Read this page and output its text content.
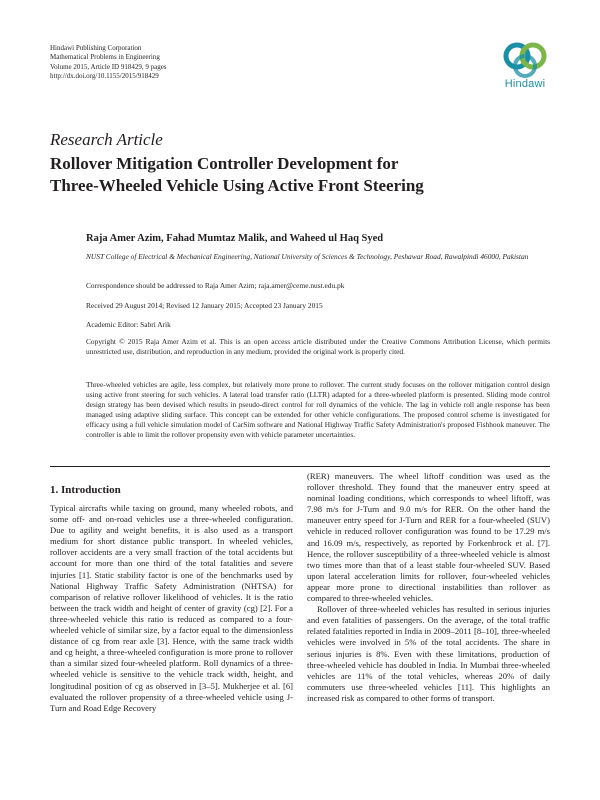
Hindawi Publishing Corporation
Mathematical Problems in Engineering
Volume 2015, Article ID 918429, 9 pages
http://dx.doi.org/10.1155/2015/918429
Hindawi
Research Article
Rollover Mitigation Controller Development for
Three-Wheeled Vehicle Using Active Front Steering
Raja Amer Azim, Fahad Mumtaz Malik, and Waheed ul Haq Syed
NUST College of Electrical & Mechanical Engineering, National University of Sciences & Technology, Peshawar Road, Rawalpindi 46000, Pakistan
Correspondence should be addressed to Raja Amer Azim; raja.amer@ceme.nust.edu.pk
Received 29 August 2014; Revised 12 January 2015; Accepted 23 January 2015
Academic Editor: Sabri Arik
Copyright © 2015 Raja Amer Azim et al. This is an open access article distributed under the Creative Commons Attribution License, which permits unrestricted use, distribution, and reproduction in any medium, provided the original work is properly cited.
Three-wheeled vehicles are agile, less complex, but relatively more prone to rollover. The current study focuses on the rollover mitigation control design using active front steering for such vehicles. A lateral load transfer ratio (LLTR) adapted for a three-wheeled platform is presented. Sliding mode control design strategy has been devised which results in pseudo-direct control for roll dynamics of the vehicle. The lag in vehicle roll angle response has been managed using adaptive sliding surface. This concept can be extended for other vehicle configurations. The proposed control scheme is investigated for efficacy using a full vehicle simulation model of CarSim software and National Highway Traffic Safety Administration's proposed Fishhook maneuver. The controller is able to limit the rollover propensity even with vehicle parameter uncertainties.
1. Introduction

Typical aircrafts while taxing on ground, many wheeled robots, and some off- and on-road vehicles use a three-wheeled configuration. Due to agility and weight benefits, it is also used as a transport medium for short distance public transport. In wheeled vehicles, rollover accidents are a very small fraction of the total accidents but account for more than one third of the total fatalities and severe injuries [1]. Static stability factor is one of the benchmarks used by National Highway Traffic Safety Administration (NHTSA) for comparison of relative rollover likelihood of vehicles. It is the ratio between the track width and height of center of gravity (cg) [2]. For a three-wheeled vehicle this ratio is reduced as compared to a four-wheeled vehicle of similar size, by a factor equal to the dimensionless distance of cg from rear axle [3]. Hence, with the same track width and cg height, a three-wheeled configuration is more prone to rollover than a similar sized four-wheeled platform. Roll dynamics of a three-wheeled vehicle is sensitive to the vehicle track width, height, and longitudinal position of cg as observed in [3–5]. Mukherjee et al. [6] evaluated the rollover propensity of a three-wheeled vehicle using J-Turn and Road Edge Recovery

(RER) maneuvers. The wheel liftoff condition was used as the rollover threshold. They found that the maneuver entry speed at nominal loading conditions, which corresponds to wheel liftoff, was 7.98 m/s for J-Turn and 9.0 m/s for RER. On the other hand the maneuver entry speed for J-Turn and RER for a four-wheeled (SUV) vehicle in reduced rollover configuration was found to be 17.29 m/s and 16.09 m/s, respectively, as reported by Forkenbrock et al. [7]. Hence, the rollover susceptibility of a three-wheeled vehicle is almost two times more than that of a least stable four-wheeled SUV. Based upon lateral acceleration limits for rollover, four-wheeled vehicles appear more prone to directional instabilities than rollover as compared to three-wheeled vehicles.

Rollover of three-wheeled vehicles has resulted in serious injuries and even fatalities of passengers. On the average, of the total traffic related fatalities reported in India in 2009–2011 [8–10], three-wheeled vehicles were involved in 5% of the total accidents. The share in serious injuries is 8%. Even with these limitations, production of three-wheeled vehicle has doubled in India. In Mumbai three-wheeled vehicles are 11% of the total vehicles, whereas 20% of daily commuters use three-wheeled vehicles [11]. This highlights an increased risk as compared to other forms of transport.
